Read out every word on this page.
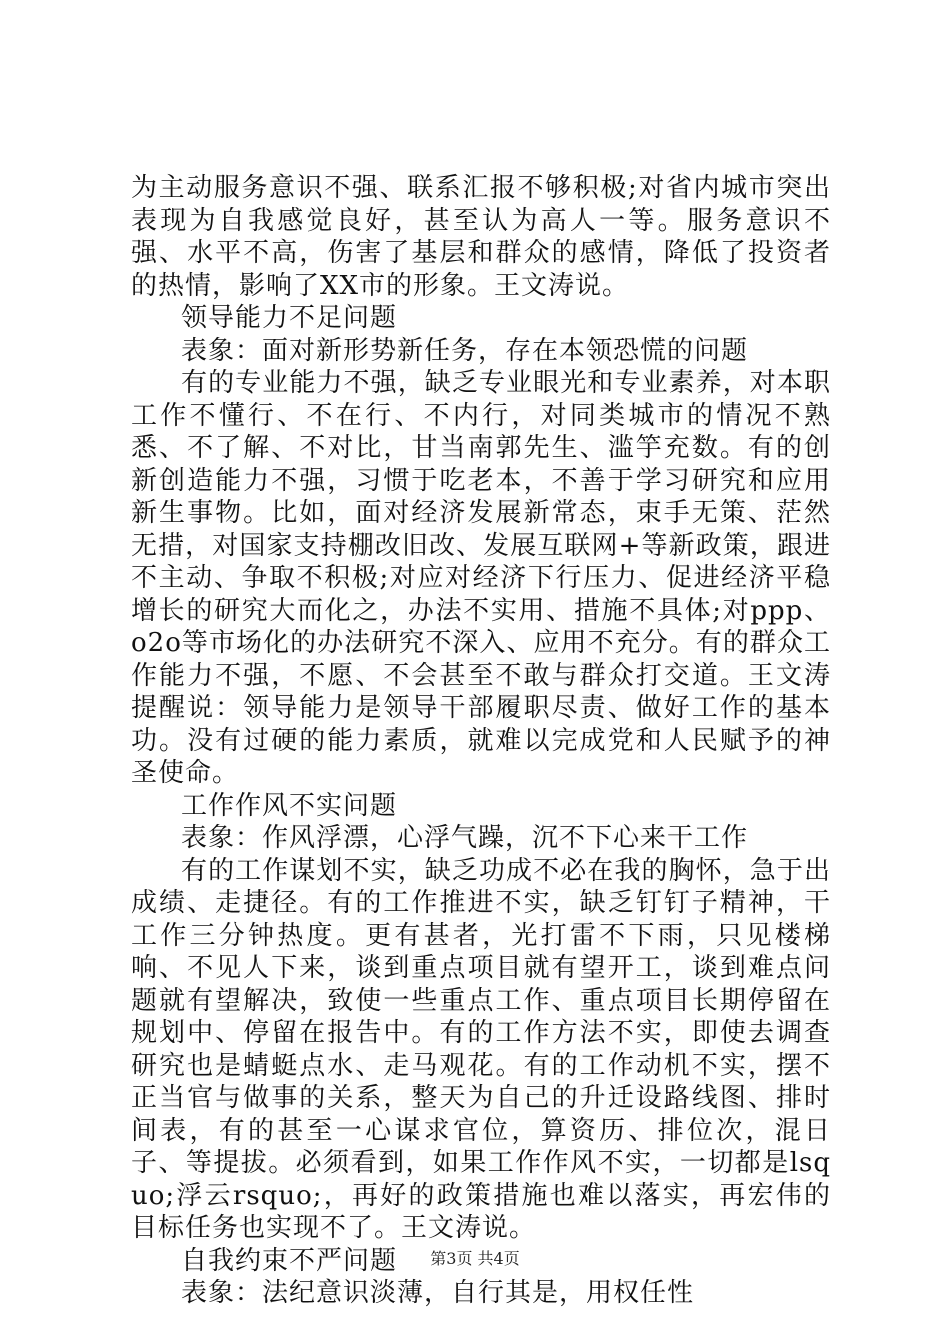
为主动服务意识不强、联系汇报不够积极;对省内城市突出表现为自我感觉良好，甚至认为高人一等。服务意识不强、水平不高，伤害了基层和群众的感情，降低了投资者的热情，影响了XX市的形象。王文涛说。

领导能力不足问题

表象：面对新形势新任务，存在本领恐慌的问题

有的专业能力不强，缺乏专业眼光和专业素养，对本职工作不懂行、不在行、不内行，对同类城市的情况不熟悉、不了解、不对比，甘当南郭先生、滥竽充数。有的创新创造能力不强，习惯于吃老本，不善于学习研究和应用新生事物。比如，面对经济发展新常态，束手无策、茫然无措，对国家支持棚改旧改、发展互联网+等新政策，跟进不主动、争取不积极;对应对经济下行压力、促进经济平稳增长的研究大而化之，办法不实用、措施不具体;对ppp、o2o等市场化的办法研究不深入、应用不充分。有的群众工作能力不强，不愿、不会甚至不敢与群众打交道。王文涛提醒说：领导能力是领导干部履职尽责、做好工作的基本功。没有过硬的能力素质，就难以完成党和人民赋予的神圣使命。

工作作风不实问题

表象：作风浮漂，心浮气躁，沉不下心来干工作

有的工作谋划不实，缺乏功成不必在我的胸怀，急于出成绩、走捷径。有的工作推进不实，缺乏钉钉子精神，干工作三分钟热度。更有甚者，光打雷不下雨，只见楼梯响、不见人下来，谈到重点项目就有望开工，谈到难点问题就有望解决，致使一些重点工作、重点项目长期停留在规划中、停留在报告中。有的工作方法不实，即使去调查研究也是蜻蜓点水、走马观花。有的工作动机不实，摆不正当官与做事的关系，整天为自己的升迁设路线图、排时间表，有的甚至一心谋求官位，算资历、排位次，混日子、等提拔。必须看到，如果工作作风不实，一切都是lsquo;浮云rsquo;，再好的政策措施也难以落实，再宏伟的目标任务也实现不了。王文涛说。

自我约束不严问题

表象：法纪意识淡薄，自行其是，用权任性

第3页 共4页
